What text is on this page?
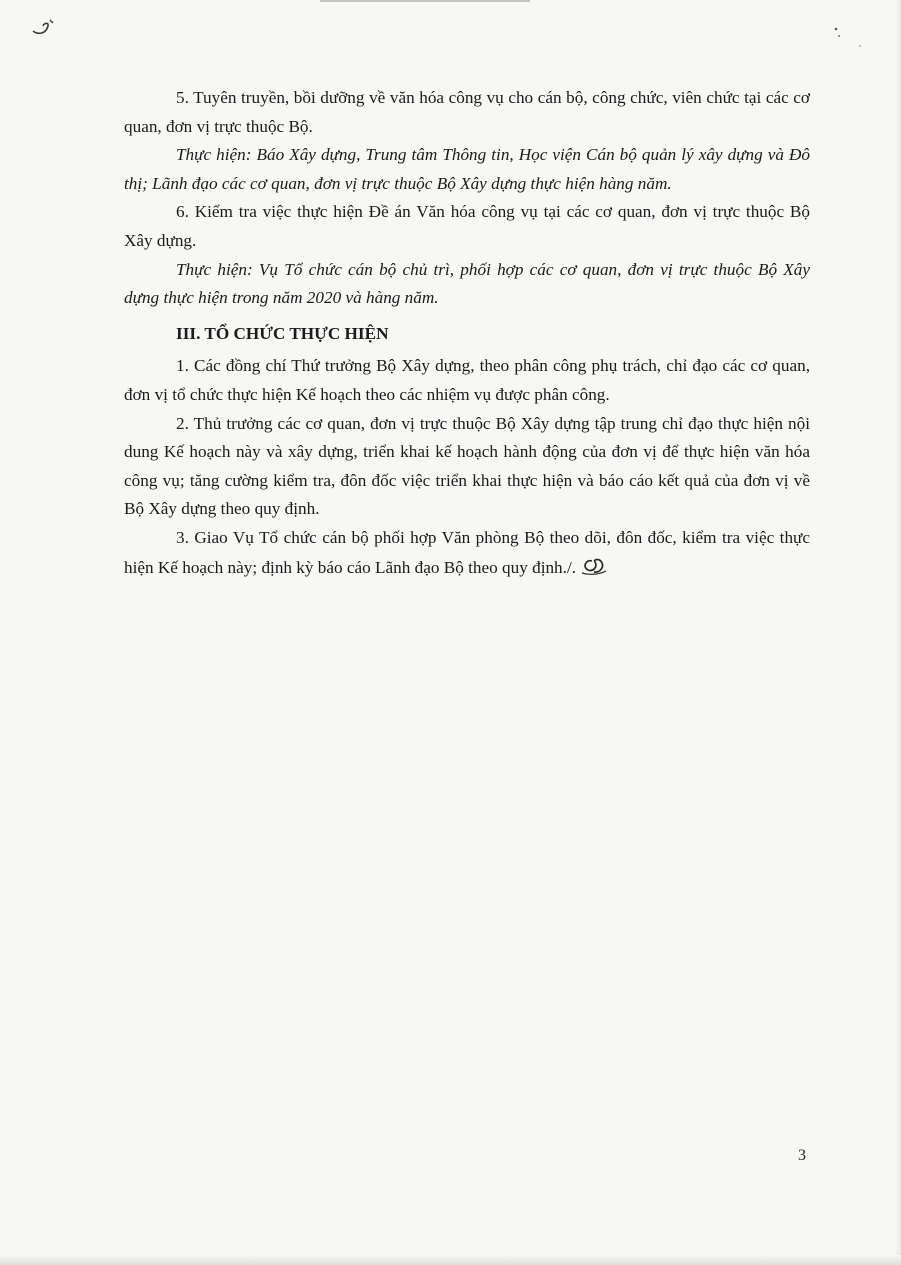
5. Tuyên truyền, bồi dưỡng về văn hóa công vụ cho cán bộ, công chức, viên chức tại các cơ quan, đơn vị trực thuộc Bộ.

Thực hiện: Báo Xây dựng, Trung tâm Thông tin, Học viện Cán bộ quản lý xây dựng và Đô thị; Lãnh đạo các cơ quan, đơn vị trực thuộc Bộ Xây dựng thực hiện hàng năm.

6. Kiểm tra việc thực hiện Đề án Văn hóa công vụ tại các cơ quan, đơn vị trực thuộc Bộ Xây dựng.

Thực hiện: Vụ Tổ chức cán bộ chủ trì, phối hợp các cơ quan, đơn vị trực thuộc Bộ Xây dựng thực hiện trong năm 2020 và hàng năm.

III. TỔ CHỨC THỰC HIỆN

1. Các đồng chí Thứ trưởng Bộ Xây dựng, theo phân công phụ trách, chỉ đạo các cơ quan, đơn vị tổ chức thực hiện Kế hoạch theo các nhiệm vụ được phân công.

2. Thủ trưởng các cơ quan, đơn vị trực thuộc Bộ Xây dựng tập trung chỉ đạo thực hiện nội dung Kế hoạch này và xây dựng, triển khai kế hoạch hành động của đơn vị để thực hiện văn hóa công vụ; tăng cường kiểm tra, đôn đốc việc triển khai thực hiện và báo cáo kết quả của đơn vị về Bộ Xây dựng theo quy định.

3. Giao Vụ Tổ chức cán bộ phối hợp Văn phòng Bộ theo dõi, đôn đốc, kiểm tra việc thực hiện Kế hoạch này; định kỳ báo cáo Lãnh đạo Bộ theo quy định./.

3
